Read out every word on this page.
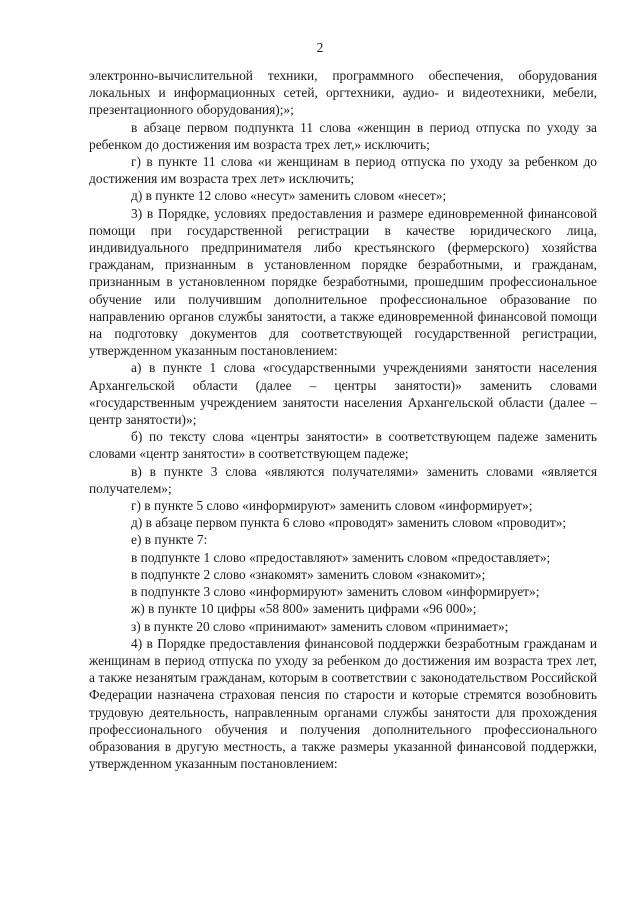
2

электронно-вычислительной техники, программного обеспечения, оборудования локальных и информационных сетей, оргтехники, аудио- и видеотехники, мебели, презентационного оборудования);»;

в абзаце первом подпункта 11 слова «женщин в период отпуска по уходу за ребенком до достижения им возраста трех лет,» исключить;

г) в пункте 11 слова «и женщинам в период отпуска по уходу за ребенком до достижения им возраста трех лет» исключить;

д) в пункте 12 слово «несут» заменить словом «несет»;

3) в Порядке, условиях предоставления и размере единовременной финансовой помощи при государственной регистрации в качестве юридического лица, индивидуального предпринимателя либо крестьянского (фермерского) хозяйства гражданам, признанным в установленном порядке безработными, и гражданам, признанным в установленном порядке безработными, прошедшим профессиональное обучение или получившим дополнительное профессиональное образование по направлению органов службы занятости, а также единовременной финансовой помощи на подготовку документов для соответствующей государственной регистрации, утвержденном указанным постановлением:

а) в пункте 1 слова «государственными учреждениями занятости населения Архангельской области (далее – центры занятости)» заменить словами «государственным учреждением занятости населения Архангельской области (далее – центр занятости)»;

б) по тексту слова «центры занятости» в соответствующем падеже заменить словами «центр занятости» в соответствующем падеже;

в) в пункте 3 слова «являются получателями» заменить словами «является получателем»;

г) в пункте 5 слово «информируют» заменить словом «информирует»;

д) в абзаце первом пункта 6 слово «проводят» заменить словом «проводит»;

е) в пункте 7:

в подпункте 1 слово «предоставляют» заменить словом «предоставляет»;

в подпункте 2 слово «знакомят» заменить словом «знакомит»;

в подпункте 3 слово «информируют» заменить словом «информирует»;

ж) в пункте 10 цифры «58 800» заменить цифрами «96 000»;

з) в пункте 20 слово «принимают» заменить словом «принимает»;

4) в Порядке предоставления финансовой поддержки безработным гражданам и женщинам в период отпуска по уходу за ребенком до достижения им возраста трех лет, а также незанятым гражданам, которым в соответствии с законодательством Российской Федерации назначена страховая пенсия по старости и которые стремятся возобновить трудовую деятельность, направленным органами службы занятости для прохождения профессионального обучения и получения дополнительного профессионального образования в другую местность, а также размеры указанной финансовой поддержки, утвержденном указанным постановлением:
